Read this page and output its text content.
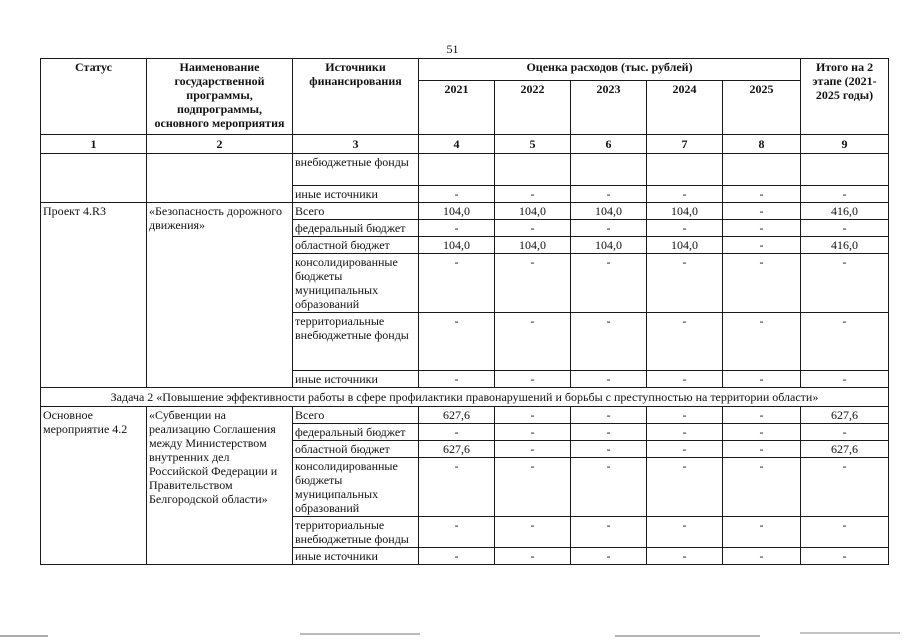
51
Статус	Наименование государственной программы, подпрограммы, основного мероприятия	Источники финансирования	Оценка расходов (тыс. рублей)					Итого на 2 этапе (2021-2025 годы)
			2021	2022	2023	2024	2025	
1	2	3	4	5	6	7	8	9
		внебюджетные фонды						
		иные источники	-	-	-	-	-	-
Проект 4.R3	«Безопасность дорожного движения»	Всего	104,0	104,0	104,0	104,0	-	416,0
		федеральный бюджет	-	-	-	-	-	-
		областной бюджет	104,0	104,0	104,0	104,0	-	416,0
		консолидированные бюджеты муниципальных образований	-	-	-	-	-	-
		территориальные внебюджетные фонды	-	-	-	-	-	-
		иные источники	-	-	-	-	-	-
Задача 2 «Повышение эффективности работы в сфере профилактики правонарушений и борьбы с преступностью на территории области»								
Основное мероприятие 4.2	«Субвенции на реализацию Соглашения между Министерством внутренних дел Российской Федерации и Правительством Белгородской области»	Всего	627,6	-	-	-	-	627,6
		федеральный бюджет	-	-	-	-	-	-
		областной бюджет	627,6	-	-	-	-	627,6
		консолидированные бюджеты муниципальных образований	-	-	-	-	-	-
		территориальные внебюджетные фонды	-	-	-	-	-	-
		иные источники	-	-	-	-	-	-
